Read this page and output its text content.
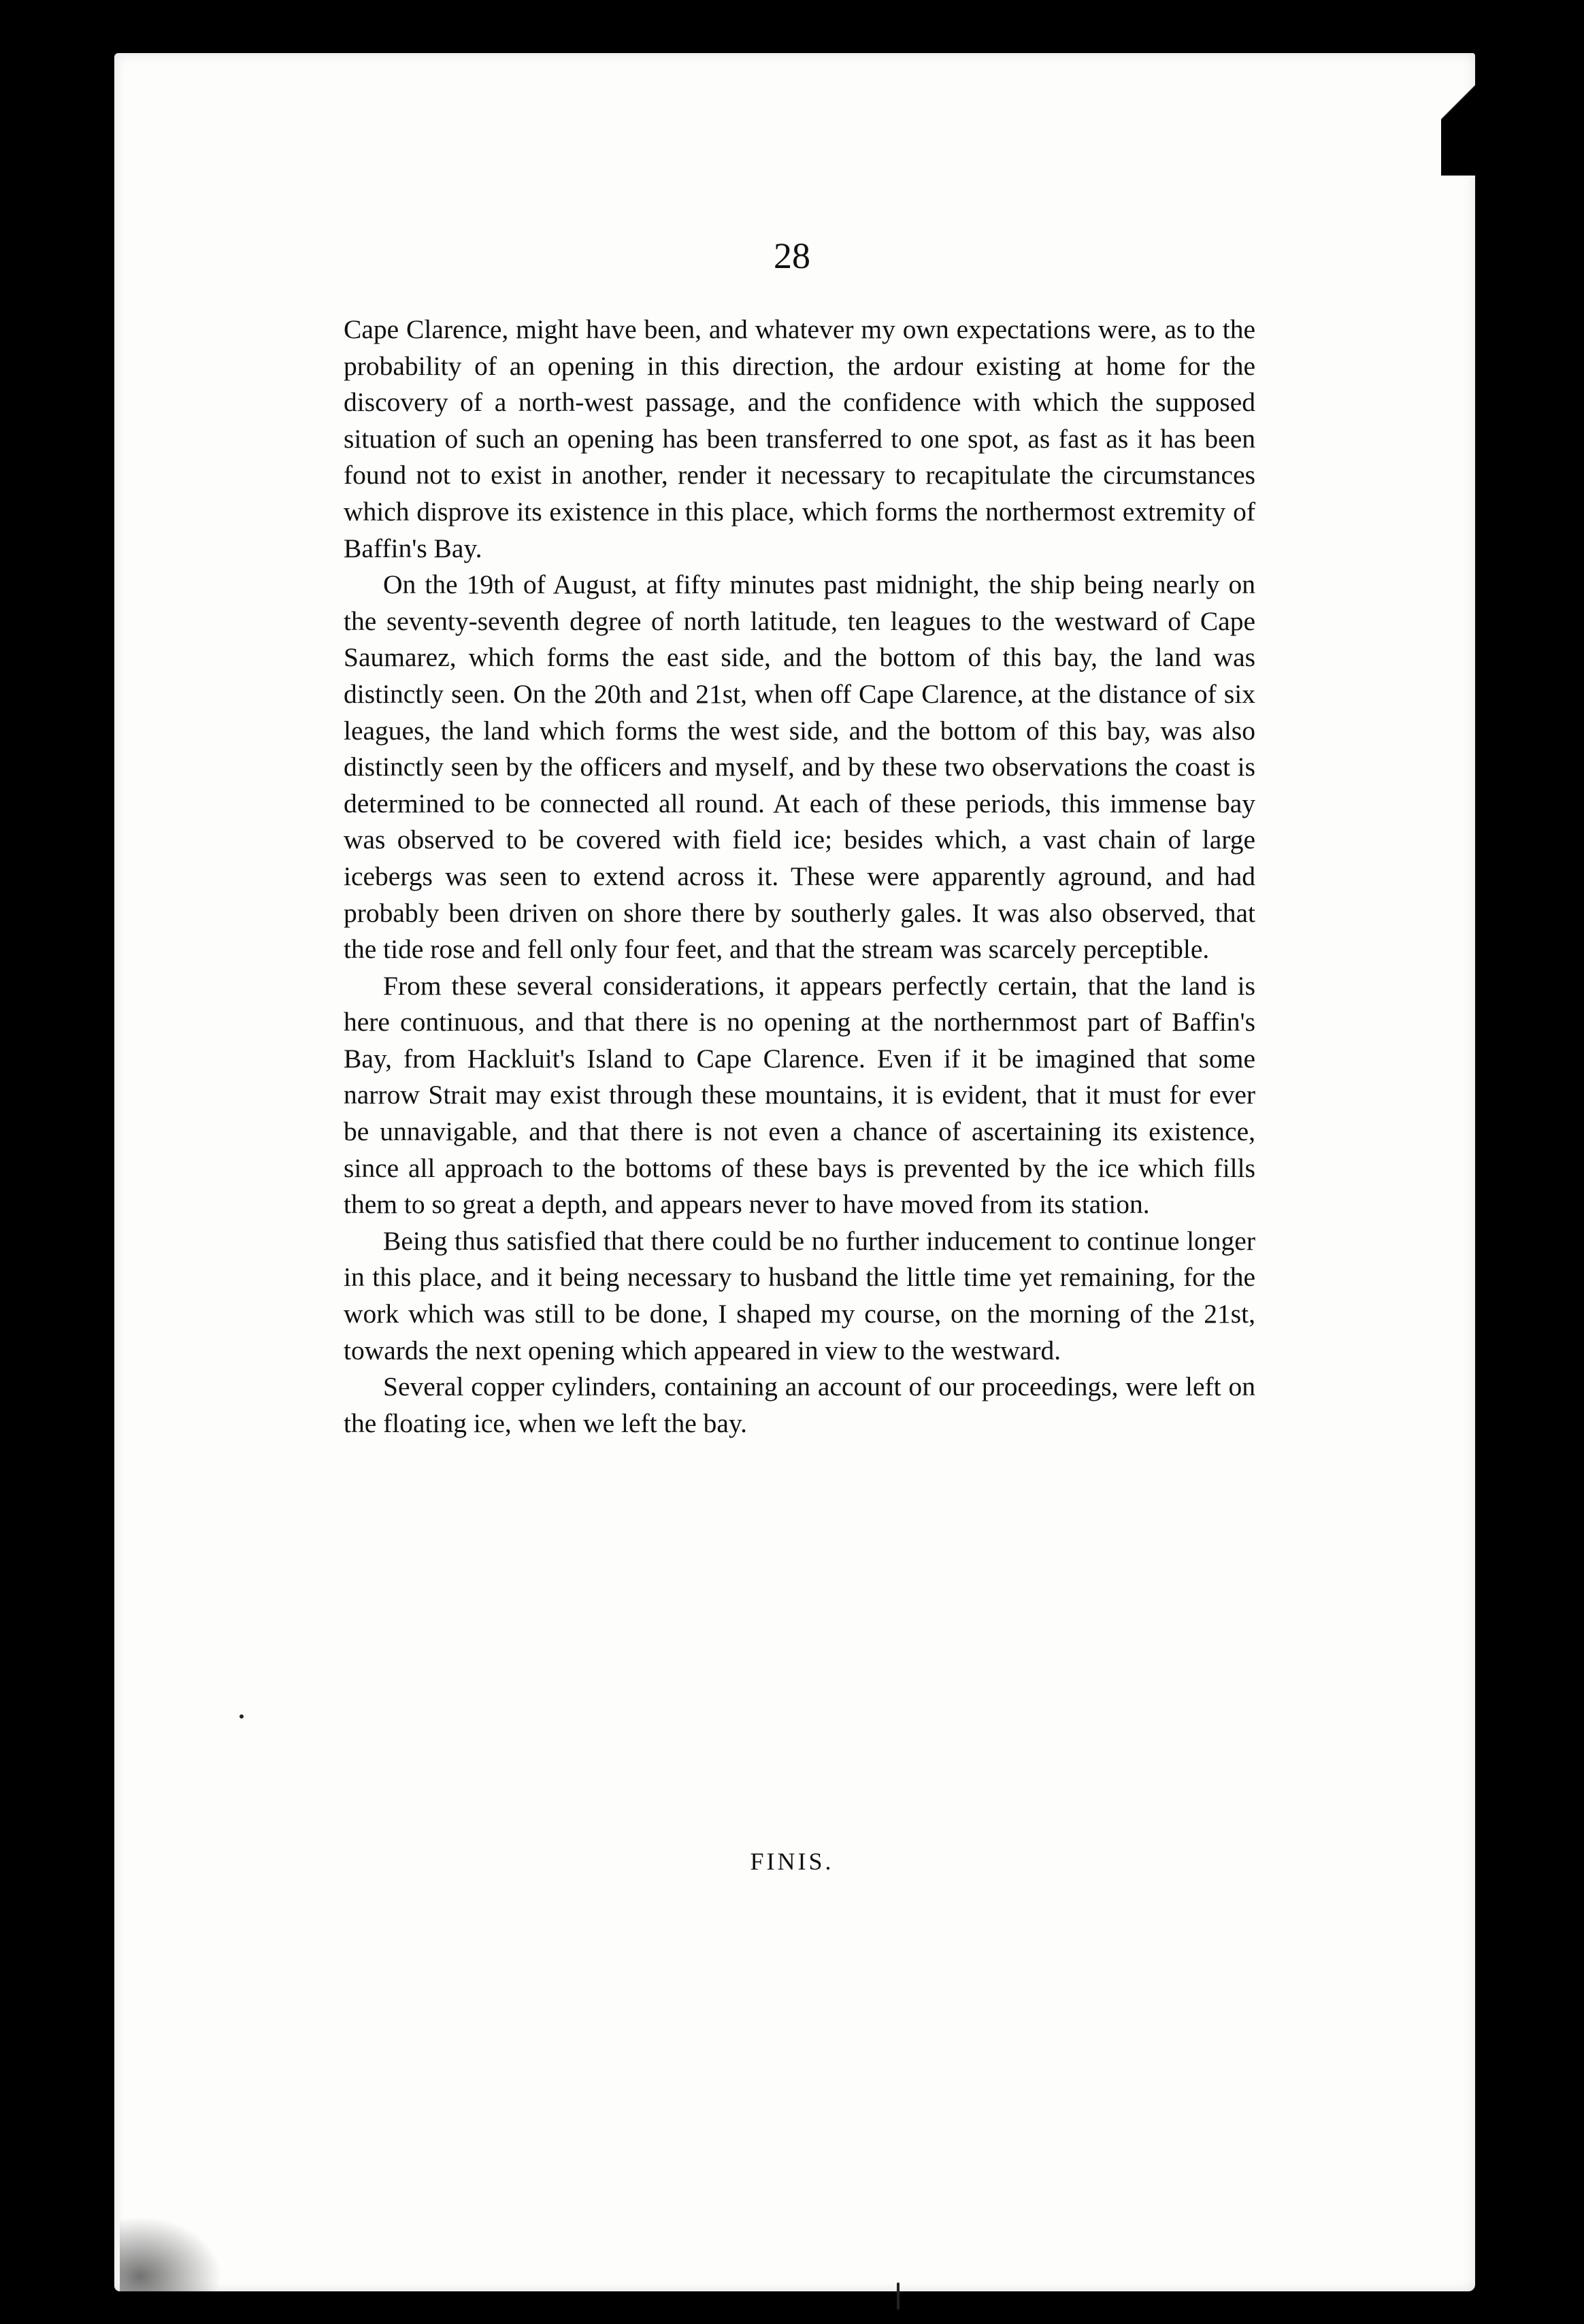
28

Cape Clarence, might have been, and whatever my own expectations were, as to the probability of an opening in this direction, the ardour existing at home for the discovery of a north-west passage, and the confidence with which the supposed situation of such an opening has been transferred to one spot, as fast as it has been found not to exist in another, render it necessary to recapitulate the circumstances which disprove its existence in this place, which forms the northermost extremity of Baffin's Bay.

On the 19th of August, at fifty minutes past midnight, the ship being nearly on the seventy-seventh degree of north latitude, ten leagues to the westward of Cape Saumarez, which forms the east side, and the bottom of this bay, the land was distinctly seen. On the 20th and 21st, when off Cape Clarence, at the distance of six leagues, the land which forms the west side, and the bottom of this bay, was also distinctly seen by the officers and myself, and by these two observations the coast is determined to be connected all round. At each of these periods, this immense bay was observed to be covered with field ice; besides which, a vast chain of large icebergs was seen to extend across it. These were apparently aground, and had probably been driven on shore there by southerly gales. It was also observed, that the tide rose and fell only four feet, and that the stream was scarcely perceptible.

From these several considerations, it appears perfectly certain, that the land is here continuous, and that there is no opening at the northernmost part of Baffin's Bay, from Hackluit's Island to Cape Clarence. Even if it be imagined that some narrow Strait may exist through these mountains, it is evident, that it must for ever be unnavigable, and that there is not even a chance of ascertaining its existence, since all approach to the bottoms of these bays is prevented by the ice which fills them to so great a depth, and appears never to have moved from its station.

Being thus satisfied that there could be no further inducement to continue longer in this place, and it being necessary to husband the little time yet remaining, for the work which was still to be done, I shaped my course, on the morning of the 21st, towards the next opening which appeared in view to the westward.

Several copper cylinders, containing an account of our proceedings, were left on the floating ice, when we left the bay.

FINIS.
